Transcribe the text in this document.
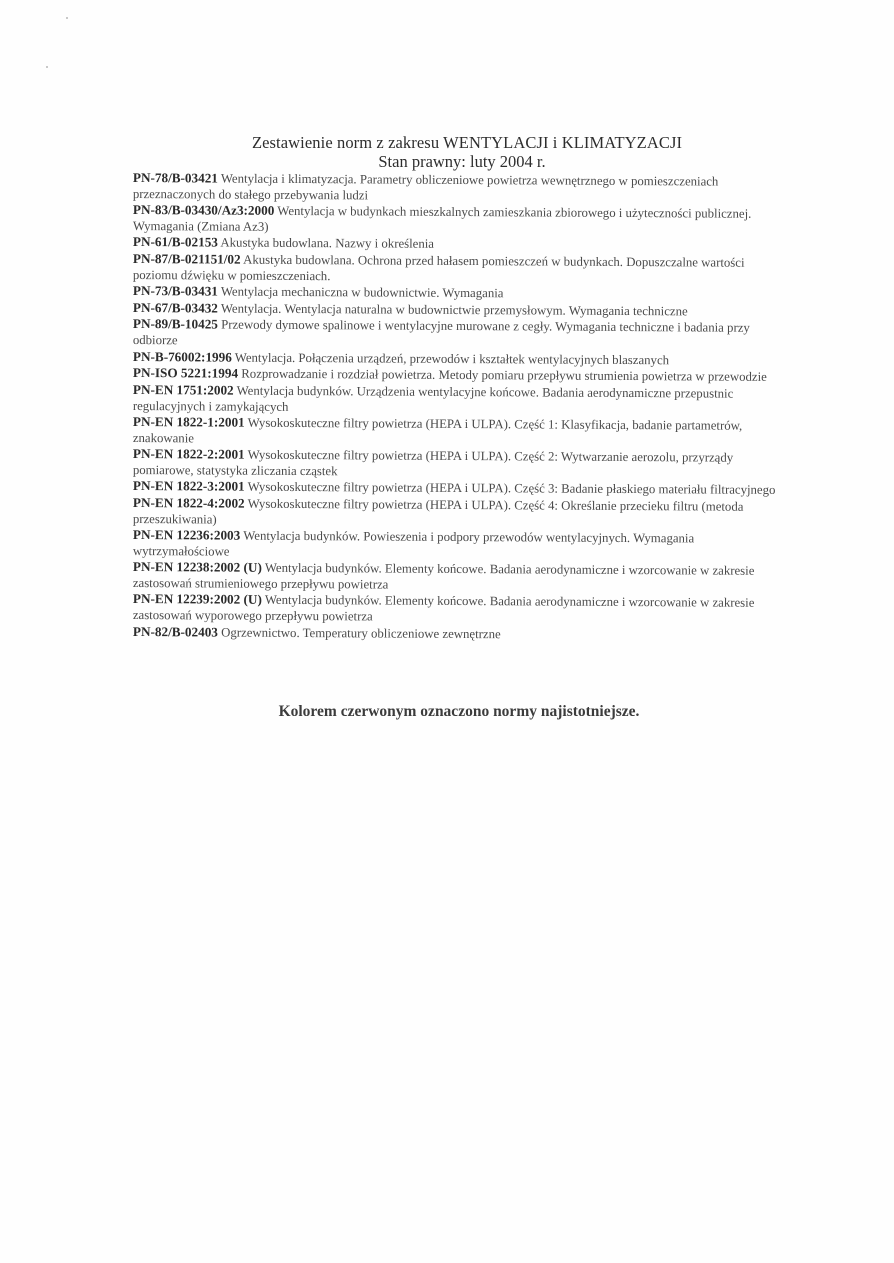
Zestawienie norm z zakresu WENTYLACJI i KLIMATYZACJI
Stan prawny: luty 2004 r.
PN-78/B-03421 Wentylacja i klimatyzacja. Parametry obliczeniowe powietrza wewnętrznego w pomieszczeniach przeznaczonych do stałego przebywania ludzi
PN-83/B-03430/Az3:2000 Wentylacja w budynkach mieszkalnych zamieszkania zbiorowego i użyteczności publicznej. Wymagania (Zmiana Az3)
PN-61/B-02153 Akustyka budowlana. Nazwy i określenia
PN-87/B-021151/02 Akustyka budowlana. Ochrona przed hałasem pomieszczeń w budynkach. Dopuszczalne wartości poziomu dźwięku w pomieszczeniach.
PN-73/B-03431 Wentylacja mechaniczna w budownictwie. Wymagania
PN-67/B-03432 Wentylacja. Wentylacja naturalna w budownictwie przemysłowym. Wymagania techniczne
PN-89/B-10425 Przewody dymowe spalinowe i wentylacyjne murowane z cegły. Wymagania techniczne i badania przy odbiorze
PN-B-76002:1996 Wentylacja. Połączenia urządzeń, przewodów i kształtek wentylacyjnych blaszanych
PN-ISO 5221:1994 Rozprowadzanie i rozdział powietrza. Metody pomiaru przepływu strumienia powietrza w przewodzie
PN-EN 1751:2002 Wentylacja budynków. Urządzenia wentylacyjne końcowe. Badania aerodynamiczne przepustnic regulacyjnych i zamykających
PN-EN 1822-1:2001 Wysokoskuteczne filtry powietrza (HEPA i ULPA). Część 1: Klasyfikacja, badanie partametrów, znakowanie
PN-EN 1822-2:2001 Wysokoskuteczne filtry powietrza (HEPA i ULPA). Część 2: Wytwarzanie aerozolu, przyrządy pomiarowe, statystyka zliczania cząstek
PN-EN 1822-3:2001 Wysokoskuteczne filtry powietrza (HEPA i ULPA). Część 3: Badanie płaskiego materiału filtracyjnego
PN-EN 1822-4:2002 Wysokoskuteczne filtry powietrza (HEPA i ULPA). Część 4: Określanie przecieku filtru (metoda przeszukiwania)
PN-EN 12236:2003 Wentylacja budynków. Powieszenia i podpory przewodów wentylacyjnych. Wymagania wytrzymałościowe
PN-EN 12238:2002 (U) Wentylacja budynków. Elementy końcowe. Badania aerodynamiczne i wzorcowanie w zakresie zastosowań strumieniowego przepływu powietrza
PN-EN 12239:2002 (U) Wentylacja budynków. Elementy końcowe. Badania aerodynamiczne i wzorcowanie w zakresie zastosowań wyporowego przepływu powietrza
PN-82/B-02403 Ogrzewnictwo. Temperatury obliczeniowe zewnętrzne
Kolorem czerwonym oznaczono normy najistotniejsze.
